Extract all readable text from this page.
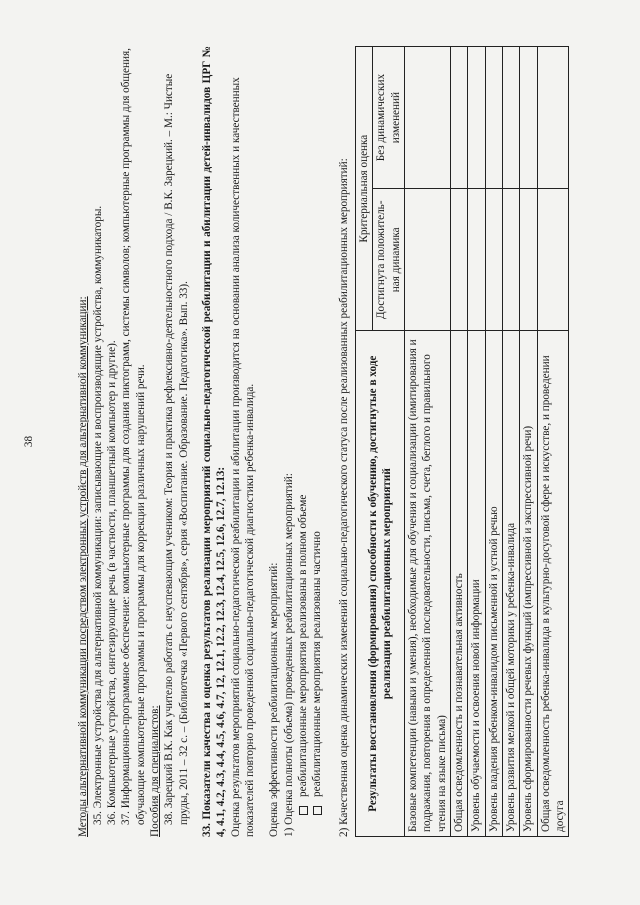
38	Методы альтернативной коммуникации посредством электронных устройств для альтернативной коммуникации: 35. Электронные устройства для альтернативной коммуникации: записывающие и воспроизводящие устройства, коммуникаторы. 36. Компьютерные устройства, синтезирующие речь (в частности, планшетный компьютер и другие). 37. Информационно-программное обеспечение: компьютерные программы для создания пиктограмм, системы символов; компьютерные программы для общения, обучающие компьютерные программы и программы для коррекции различных нарушений речи. Пособия для специалистов: 38. Зарецкий В.К. Как учителю работать с неуспевающим учеником: Теория и практика рефлексивно-деятельностного подхода / В.К. Зарецкий. – М.: Чистые пруды, 2011 – 32 с. – (Библиотечка «Первого сентября», серия «Воспитание. Образование. Педагогика». Вып. 33). 33. Показатели качества и оценка результатов реализации мероприятий социально-педагогической реабилитации и абилитации детей-инвалидов ЦРГ № 4, 4.1, 4.2, 4.3, 4.4, 4.5, 4.6, 4.7, 12, 12.1, 12.2, 12.3, 12.4, 12.5, 12.6, 12.7, 12.13: Оценка результатов мероприятий социально-педагогической реабилитации и абилитации производится на основании анализа количественных и качественных показателей повторно проведенной социально-педагогической диагностики ребенка-инвалида. Оценка эффективности реабилитационных мероприятий: 1) Оценка полноты (объема) проведенных реабилитационных мероприятий: реабилитационные мероприятия реализованы в полном объеме реабилитационные мероприятия реализованы частично 2) Качественная оценка динамических изменений социально-педагогического статуса после реализованных реабилитационных мероприятий: Результаты восстановления (формирования) способности к обучению, достигнутые в ходе реализации реабилитационных мероприятий	Критериальная оценка	
	Достигнута положитель-ная динамика	Без динамических изменений
Базовые компетенции (навыки и умения), необходимые для обучения и социализации (имитирования и подражания, повторения в определенной последовательности, письма, счета, беглого и правильного чтения на языке письма)		
Общая осведомленность и познавательная активность		
Уровень обучаемости и освоения новой информации		
Уровень владения ребенком-инвалидом письменной и устной речью		
Уровень развития мелкой и общей моторики у ребенка-инвалида		
Уровень сформированности речевых функций (импрессивной и экспрессивной речи)		
Общая осведомленность ребенка-инвалида в культурно-досуговой сфере и искусстве, и проведении досуга		
